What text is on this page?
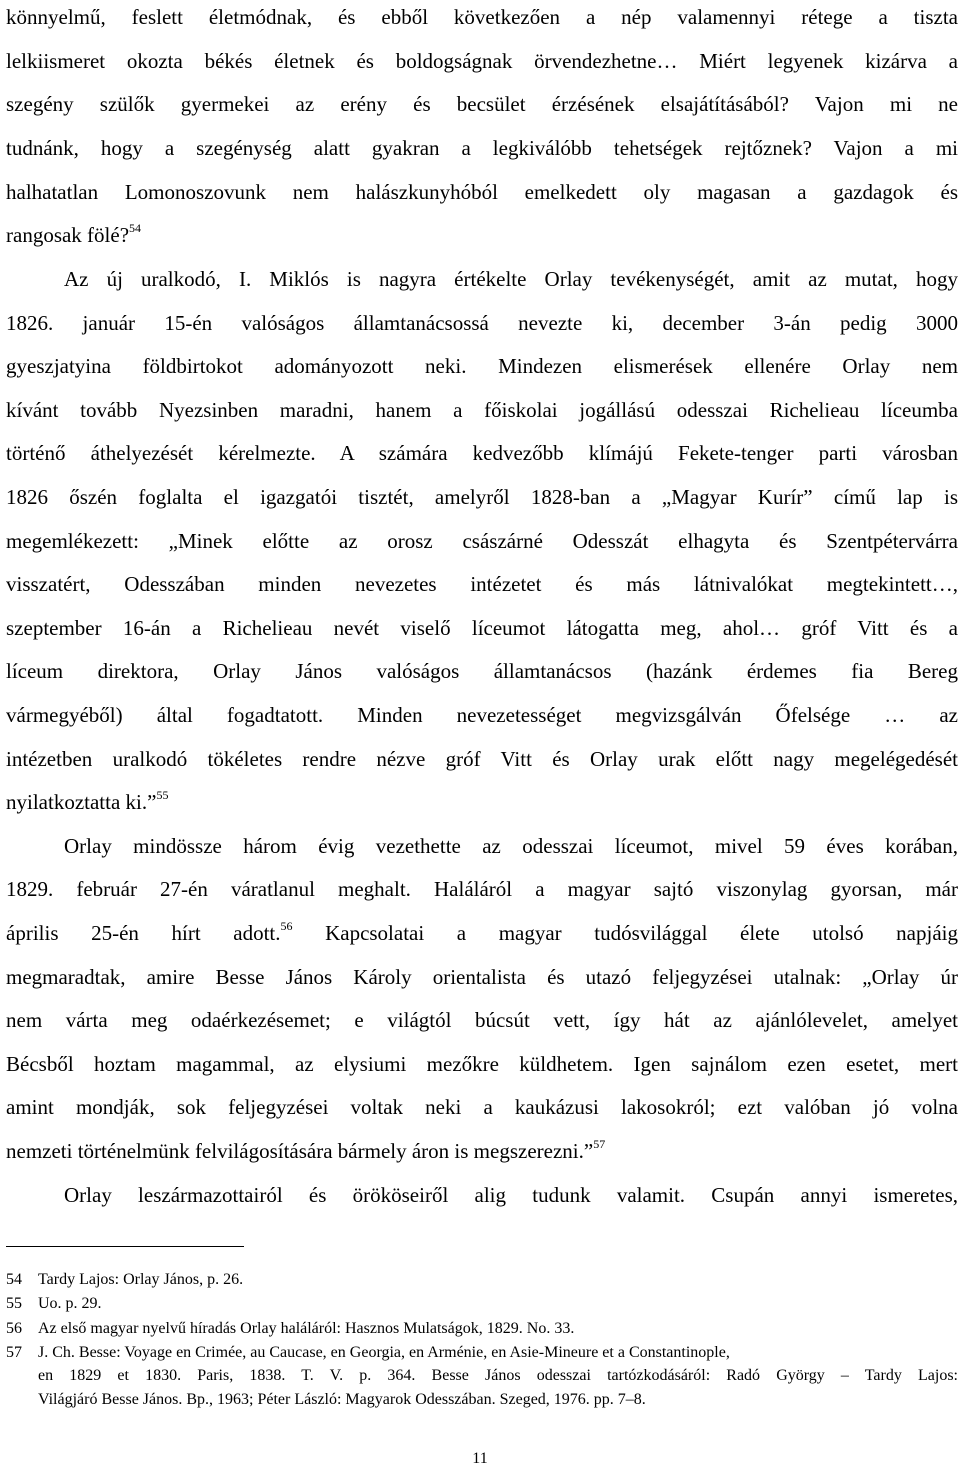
könnyelmű, feslett életmódnak, és ebből következően a nép valamennyi rétege a tiszta
lelkiismeret okozta békés életnek és boldogságnak örvendezhetne… Miért legyenek kizárva a
szegény szülők gyermekei az erény és becsület érzésének elsajátításából? Vajon mi ne
tudnánk, hogy a szegénység alatt gyakran a legkiválóbb tehetségek rejtőznek? Vajon a mi
halhatatlan Lomonoszovunk nem halászkunyhóból emelkedett oly magasan a gazdagok és
rangosak fölé?$^{54}$
Az új uralkodó, I. Miklós is nagyra értékelte Orlay tevékenységét, amit az mutat, hogy
1826. január 15-én valóságos államtanácsossá nevezte ki, december 3-án pedig 3000
gyeszjatyina földbirtokot adományozott neki. Mindezen elismerések ellenére Orlay nem
kívánt tovább Nyezsinben maradni, hanem a főiskolai jogállású odesszai Richelieau líceumba
történő áthelyezését kérelmezte. A számára kedvezőbb klímájú Fekete-tenger parti városban
1826 őszén foglalta el igazgatói tisztét, amelyről 1828-ban a „Magyar Kurír” című lap is
megemlékezett: „Minek előtte az orosz császárné Odesszát elhagyta és Szentpétervárra
visszatért, Odesszában minden nevezetes intézetet és más látnivalókat megtekintett…,
szeptember 16-án a Richelieau nevét viselő líceumot látogatta meg, ahol… gróf Vitt és a
líceum direktora, Orlay János valóságos államtanácsos (hazánk érdemes fia Bereg
vármegyéből) által fogadtatott. Minden nevezetességet megvizsgálván Őfelsége … az
intézetben uralkodó tökéletes rendre nézve gróf Vitt és Orlay urak előtt nagy megelégedését
nyilatkoztatta ki.”$^{55}$
Orlay mindössze három évig vezethette az odesszai líceumot, mivel 59 éves korában,
1829. február 27-én váratlanul meghalt. Haláláról a magyar sajtó viszonylag gyorsan, már
április 25-én hírt adott.$^{56}$ Kapcsolatai a magyar tudósvilággal élete utolsó napjáig
megmaradtak, amire Besse János Károly orientalista és utazó feljegyzései utalnak: „Orlay úr
nem várta meg odaérkezésemet; e világtól búcsút vett, így hát az ajánlólevelet, amelyet
Bécsből hoztam magammal, az elysiumi mezőkre küldhetem. Igen sajnálom ezen esetet, mert
amint mondják, sok feljegyzései voltak neki a kaukázusi lakosokról; ezt valóban jó volna
nemzeti történelmünk felvilágosítására bármely áron is megszerezni.”$^{57}$
Orlay leszármazottairól és örököseiről alig tudunk valamit. Csupán annyi ismeretes,
54 Tardy Lajos: Orlay János, p. 26.
55 Uo. p. 29.
56 Az első magyar nyelvű híradás Orlay haláláról: Hasznos Mulatságok, 1829. No. 33.
57 J. Ch. Besse: Voyage en Crimée, au Caucase, en Georgia, en Arménie, en Asie-Mineure et a Constantinople,
en 1829 et 1830. Paris, 1838. T. V. p. 364. Besse János odesszai tartózkodásáról: Radó György – Tardy Lajos:
Világjáró Besse János. Bp., 1963; Péter László: Magyarok Odesszában. Szeged, 1976. pp. 7–8.
11
